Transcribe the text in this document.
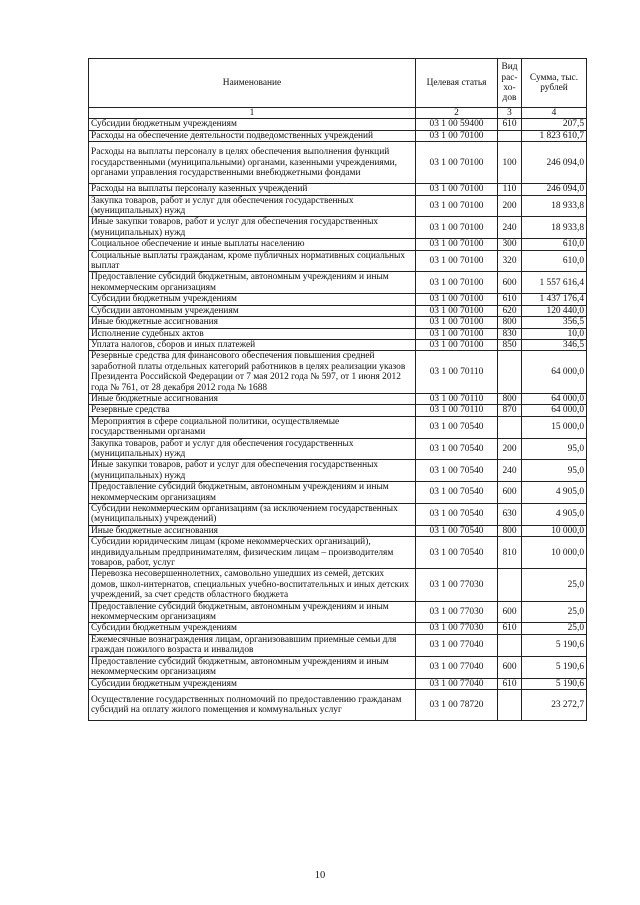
Наименование	Целевая статья	Вид рас-хо-дов	Сумма, тыс. рублей
1	2	3	4
Субсидии бюджетным учреждениям	03 1 00 59400	610	207,5
Расходы на обеспечение деятельности подведомственных учреждений	03 1 00 70100		1 823 610,7
Расходы на выплаты персоналу в целях обеспечения выполнения функций государственными (муниципальными) органами, казенными учреждениями, органами управления государственными внебюджетными фондами	03 1 00 70100	100	246 094,0
Расходы на выплаты персоналу казенных учреждений	03 1 00 70100	110	246 094,0
Закупка товаров, работ и услуг для обеспечения государственных (муниципальных) нужд	03 1 00 70100	200	18 933,8
Иные закупки товаров, работ и услуг для обеспечения государственных (муниципальных) нужд	03 1 00 70100	240	18 933,8
Социальное обеспечение и иные выплаты населению	03 1 00 70100	300	610,0
Социальные выплаты гражданам, кроме публичных нормативных социальных выплат	03 1 00 70100	320	610,0
Предоставление субсидий бюджетным, автономным учреждениям и иным некоммерческим организациям	03 1 00 70100	600	1 557 616,4
Субсидии бюджетным учреждениям	03 1 00 70100	610	1 437 176,4
Субсидии автономным учреждениям	03 1 00 70100	620	120 440,0
Иные бюджетные ассигнования	03 1 00 70100	800	356,5
Исполнение судебных актов	03 1 00 70100	830	10,0
Уплата налогов, сборов и иных платежей	03 1 00 70100	850	346,5
Резервные средства для финансового обеспечения повышения средней заработной платы отдельных категорий работников в целях реализации указов Президента Российской Федерации от 7 мая 2012 года № 597, от 1 июня 2012 года № 761, от 28 декабря 2012 года № 1688	03 1 00 70110		64 000,0
Иные бюджетные ассигнования	03 1 00 70110	800	64 000,0
Резервные средства	03 1 00 70110	870	64 000,0
Мероприятия в сфере социальной политики, осуществляемые государственными органами	03 1 00 70540		15 000,0
Закупка товаров, работ и услуг для обеспечения государственных (муниципальных) нужд	03 1 00 70540	200	95,0
Иные закупки товаров, работ и услуг для обеспечения государственных (муниципальных) нужд	03 1 00 70540	240	95,0
Предоставление субсидий бюджетным, автономным учреждениям и иным некоммерческим организациям	03 1 00 70540	600	4 905,0
Субсидии некоммерческим организациям (за исключением государственных (муниципальных) учреждений)	03 1 00 70540	630	4 905,0
Иные бюджетные ассигнования	03 1 00 70540	800	10 000,0
Субсидии юридическим лицам (кроме некоммерческих организаций), индивидуальным предпринимателям, физическим лицам – производителям товаров, работ, услуг	03 1 00 70540	810	10 000,0
Перевозка несовершеннолетних, самовольно ушедших из семей, детских домов, школ-интернатов, специальных учебно-воспитательных и иных детских учреждений, за счет средств областного бюджета	03 1 00 77030		25,0
Предоставление субсидий бюджетным, автономным учреждениям и иным некоммерческим организациям	03 1 00 77030	600	25,0
Субсидии бюджетным учреждениям	03 1 00 77030	610	25,0
Ежемесячные вознаграждения лицам, организовавшим приемные семьи для граждан пожилого возраста и инвалидов	03 1 00 77040		5 190,6
Предоставление субсидий бюджетным, автономным учреждениям и иным некоммерческим организациям	03 1 00 77040	600	5 190,6
Субсидии бюджетным учреждениям	03 1 00 77040	610	5 190,6
Осуществление государственных полномочий по предоставлению гражданам субсидий на оплату жилого помещения и коммунальных услуг	03 1 00 78720		23 272,7
10
